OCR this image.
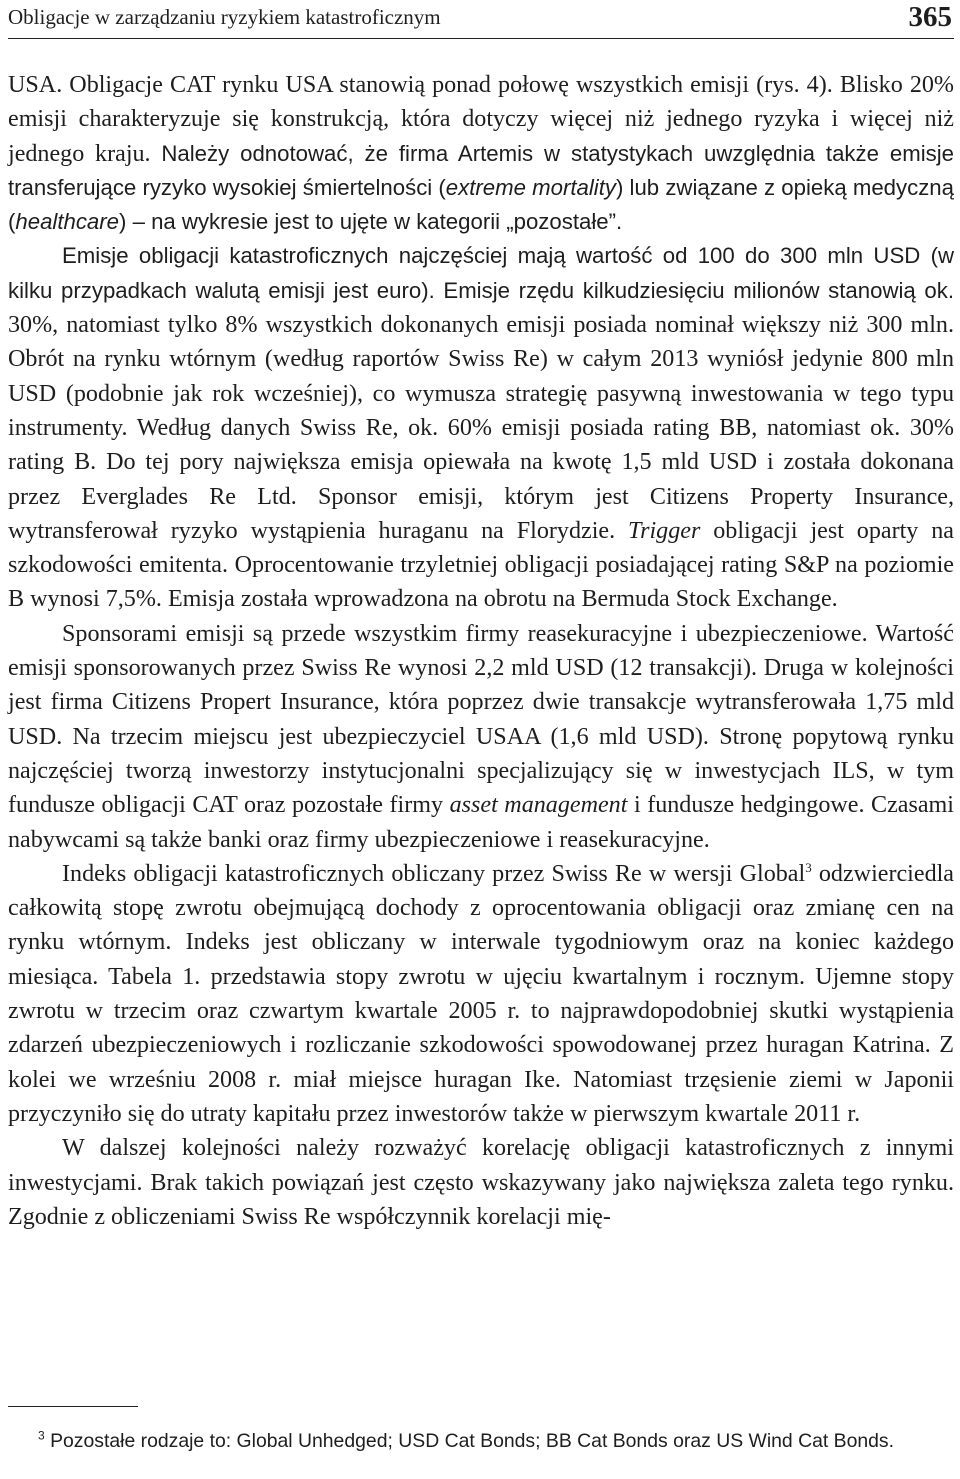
Obligacje w zarządzaniu ryzykiem katastroficznym	365

USA. Obligacje CAT rynku USA stanowią ponad połowę wszystkich emisji (rys. 4). Blisko 20% emisji charakteryzuje się konstrukcją, która dotyczy więcej niż jednego ryzyka i więcej niż jednego kraju. Należy odnotować, że firma Artemis w statystykach uwzględnia także emisje transferujące ryzyko wysokiej śmiertelności (extreme mortality) lub związane z opieką medyczną (healthcare) – na wykresie jest to ujęte w kategorii „pozostałe”.

Emisje obligacji katastroficznych najczęściej mają wartość od 100 do 300 mln USD (w kilku przypadkach walutą emisji jest euro). Emisje rzędu kilkudziesięciu milionów stanowią ok. 30%, natomiast tylko 8% wszystkich dokonanych emisji posiada nominał większy niż 300 mln. Obrót na rynku wtórnym (według raportów Swiss Re) w całym 2013 wyniósł jedynie 800 mln USD (podobnie jak rok wcześniej), co wymusza strategię pasywną inwestowania w tego typu instrumenty. Według danych Swiss Re, ok. 60% emisji posiada rating BB, natomiast ok. 30% rating B. Do tej pory największa emisja opiewała na kwotę 1,5 mld USD i została dokonana przez Everglades Re Ltd. Sponsor emisji, którym jest Citizens Property Insurance, wytransferował ryzyko wystąpienia huraganu na Florydzie. Trigger obligacji jest oparty na szkodowości emitenta. Oprocentowanie trzyletniej obligacji posiadającej rating S&P na poziomie B wynosi 7,5%. Emisja została wprowadzona na obrotu na Bermuda Stock Exchange.

Sponsorami emisji są przede wszystkim firmy reasekuracyjne i ubezpieczeniowe. Wartość emisji sponsorowanych przez Swiss Re wynosi 2,2 mld USD (12 transakcji). Druga w kolejności jest firma Citizens Propert Insurance, która poprzez dwie transakcje wytransferowała 1,75 mld USD. Na trzecim miejscu jest ubezpieczyciel USAA (1,6 mld USD). Stronę popytową rynku najczęściej tworzą inwestorzy instytucjonalni specjalizujący się w inwestycjach ILS, w tym fundusze obligacji CAT oraz pozostałe firmy asset management i fundusze hedgingowe. Czasami nabywcami są także banki oraz firmy ubezpieczeniowe i reasekuracyjne.

Indeks obligacji katastroficznych obliczany przez Swiss Re w wersji Global$^3$ odzwierciedla całkowitą stopę zwrotu obejmującą dochody z oprocentowania obligacji oraz zmianę cen na rynku wtórnym. Indeks jest obliczany w interwale tygodniowym oraz na koniec każdego miesiąca. Tabela 1. przedstawia stopy zwrotu w ujęciu kwartalnym i rocznym. Ujemne stopy zwrotu w trzecim oraz czwartym kwartale 2005 r. to najprawdopodobniej skutki wystąpienia zdarzeń ubezpieczeniowych i rozliczanie szkodowości spowodowanej przez huragan Katrina. Z kolei we wrześniu 2008 r. miał miejsce huragan Ike. Natomiast trzęsienie ziemi w Japonii przyczyniło się do utraty kapitału przez inwestorów także w pierwszym kwartale 2011 r.

W dalszej kolejności należy rozważyć korelację obligacji katastroficznych z innymi inwestycjami. Brak takich powiązań jest często wskazywany jako największa zaleta tego rynku. Zgodnie z obliczeniami Swiss Re współczynnik korelacji mię-

$^3$ Pozostałe rodzaje to: Global Unhedged; USD Cat Bonds; BB Cat Bonds oraz US Wind Cat Bonds.
